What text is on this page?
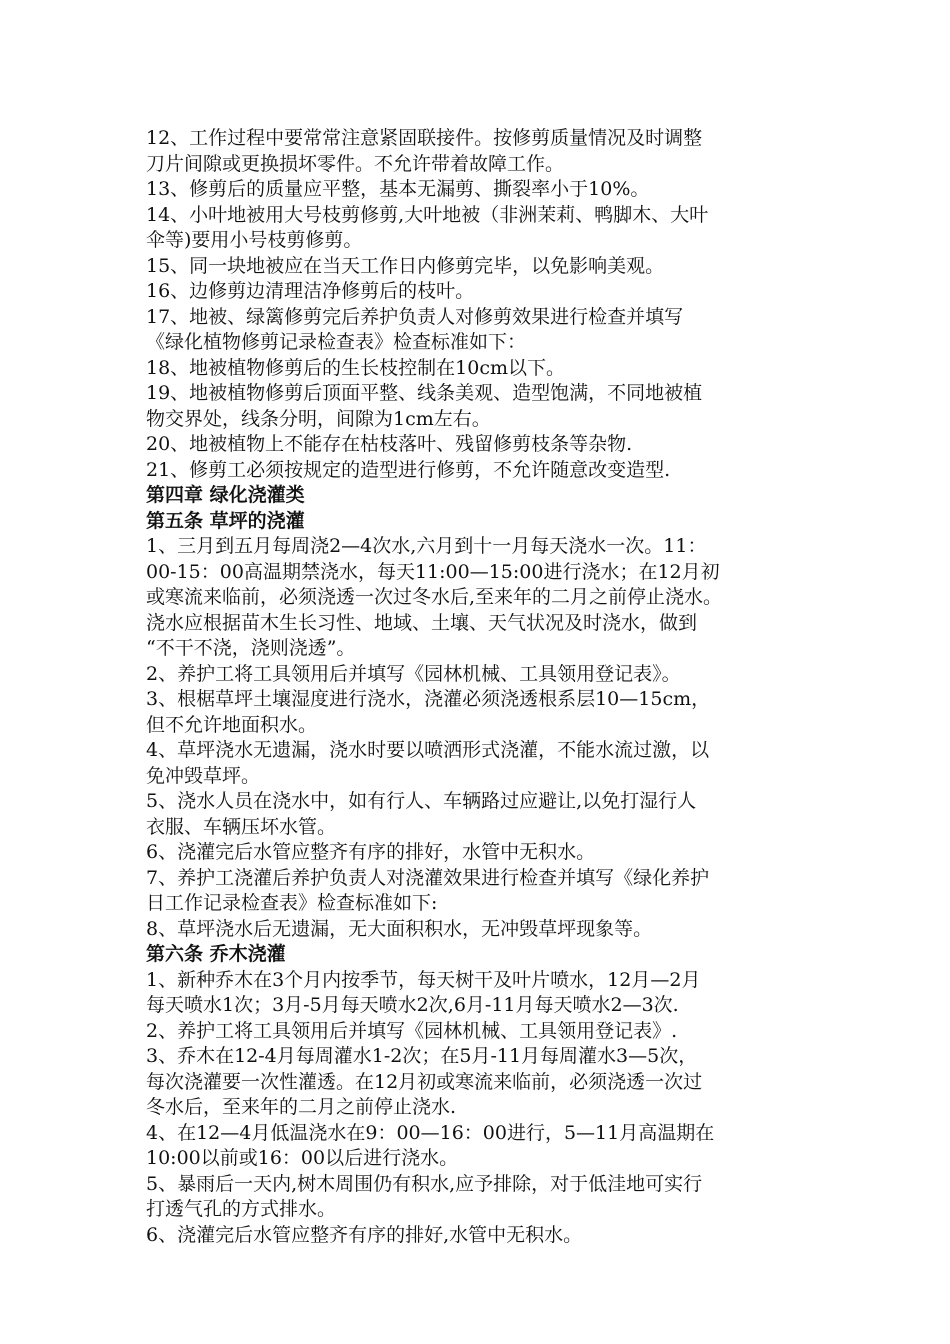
12、工作过程中要常常注意紧固联接件。按修剪质量情况及时调整
刀片间隙或更换损坏零件。不允许带着故障工作。
13、修剪后的质量应平整，基本无漏剪、撕裂率小于10%。
14、小叶地被用大号枝剪修剪,大叶地被（非洲茉莉、鸭脚木、大叶
伞等)要用小号枝剪修剪。
15、同一块地被应在当天工作日内修剪完毕，以免影响美观。
16、边修剪边清理洁净修剪后的枝叶。
17、地被、绿篱修剪完后养护负责人对修剪效果进行检查并填写
《绿化植物修剪记录检查表》检查标准如下：
18、地被植物修剪后的生长枝控制在10cm以下。
19、地被植物修剪后顶面平整、线条美观、造型饱满，不同地被植
物交界处，线条分明，间隙为1cm左右。
20、地被植物上不能存在枯枝落叶、残留修剪枝条等杂物.
21、修剪工必须按规定的造型进行修剪，不允许随意改变造型.
第四章 绿化浇灌类
第五条 草坪的浇灌
1、三月到五月每周浇2—4次水,六月到十一月每天浇水一次。11：
00-15：00高温期禁浇水，每天11:00—15:00进行浇水；在12月初
或寒流来临前，必须浇透一次过冬水后,至来年的二月之前停止浇水。
浇水应根据苗木生长习性、地域、土壤、天气状况及时浇水，做到
“不干不浇，浇则浇透”。
2、养护工将工具领用后并填写《园林机械、工具领用登记表》。
3、根椐草坪土壤湿度进行浇水，浇灌必须浇透根系层10—15cm，
但不允许地面积水。
4、草坪浇水无遗漏，浇水时要以喷洒形式浇灌，不能水流过激，以
免冲毁草坪。
5、浇水人员在浇水中，如有行人、车辆路过应避让,以免打湿行人
衣服、车辆压坏水管。
6、浇灌完后水管应整齐有序的排好，水管中无积水。
7、养护工浇灌后养护负责人对浇灌效果进行检查并填写《绿化养护
日工作记录检查表》检查标准如下:
8、草坪浇水后无遗漏，无大面积积水，无冲毁草坪现象等。
第六条 乔木浇灌
1、新种乔木在3个月内按季节，每天树干及叶片喷水，12月—2月
每天喷水1次；3月-5月每天喷水2次,6月-11月每天喷水2—3次.
2、养护工将工具领用后并填写《园林机械、工具领用登记表》.
3、乔木在12-4月每周灌水1-2次；在5月-11月每周灌水3—5次，
每次浇灌要一次性灌透。在12月初或寒流来临前，必须浇透一次过
冬水后，至来年的二月之前停止浇水.
4、在12—4月低温浇水在9：00—16：00进行，5—11月高温期在
10:00以前或16：00以后进行浇水。
5、暴雨后一天内,树木周围仍有积水,应予排除，对于低洼地可实行
打透气孔的方式排水。
6、浇灌完后水管应整齐有序的排好,水管中无积水。
